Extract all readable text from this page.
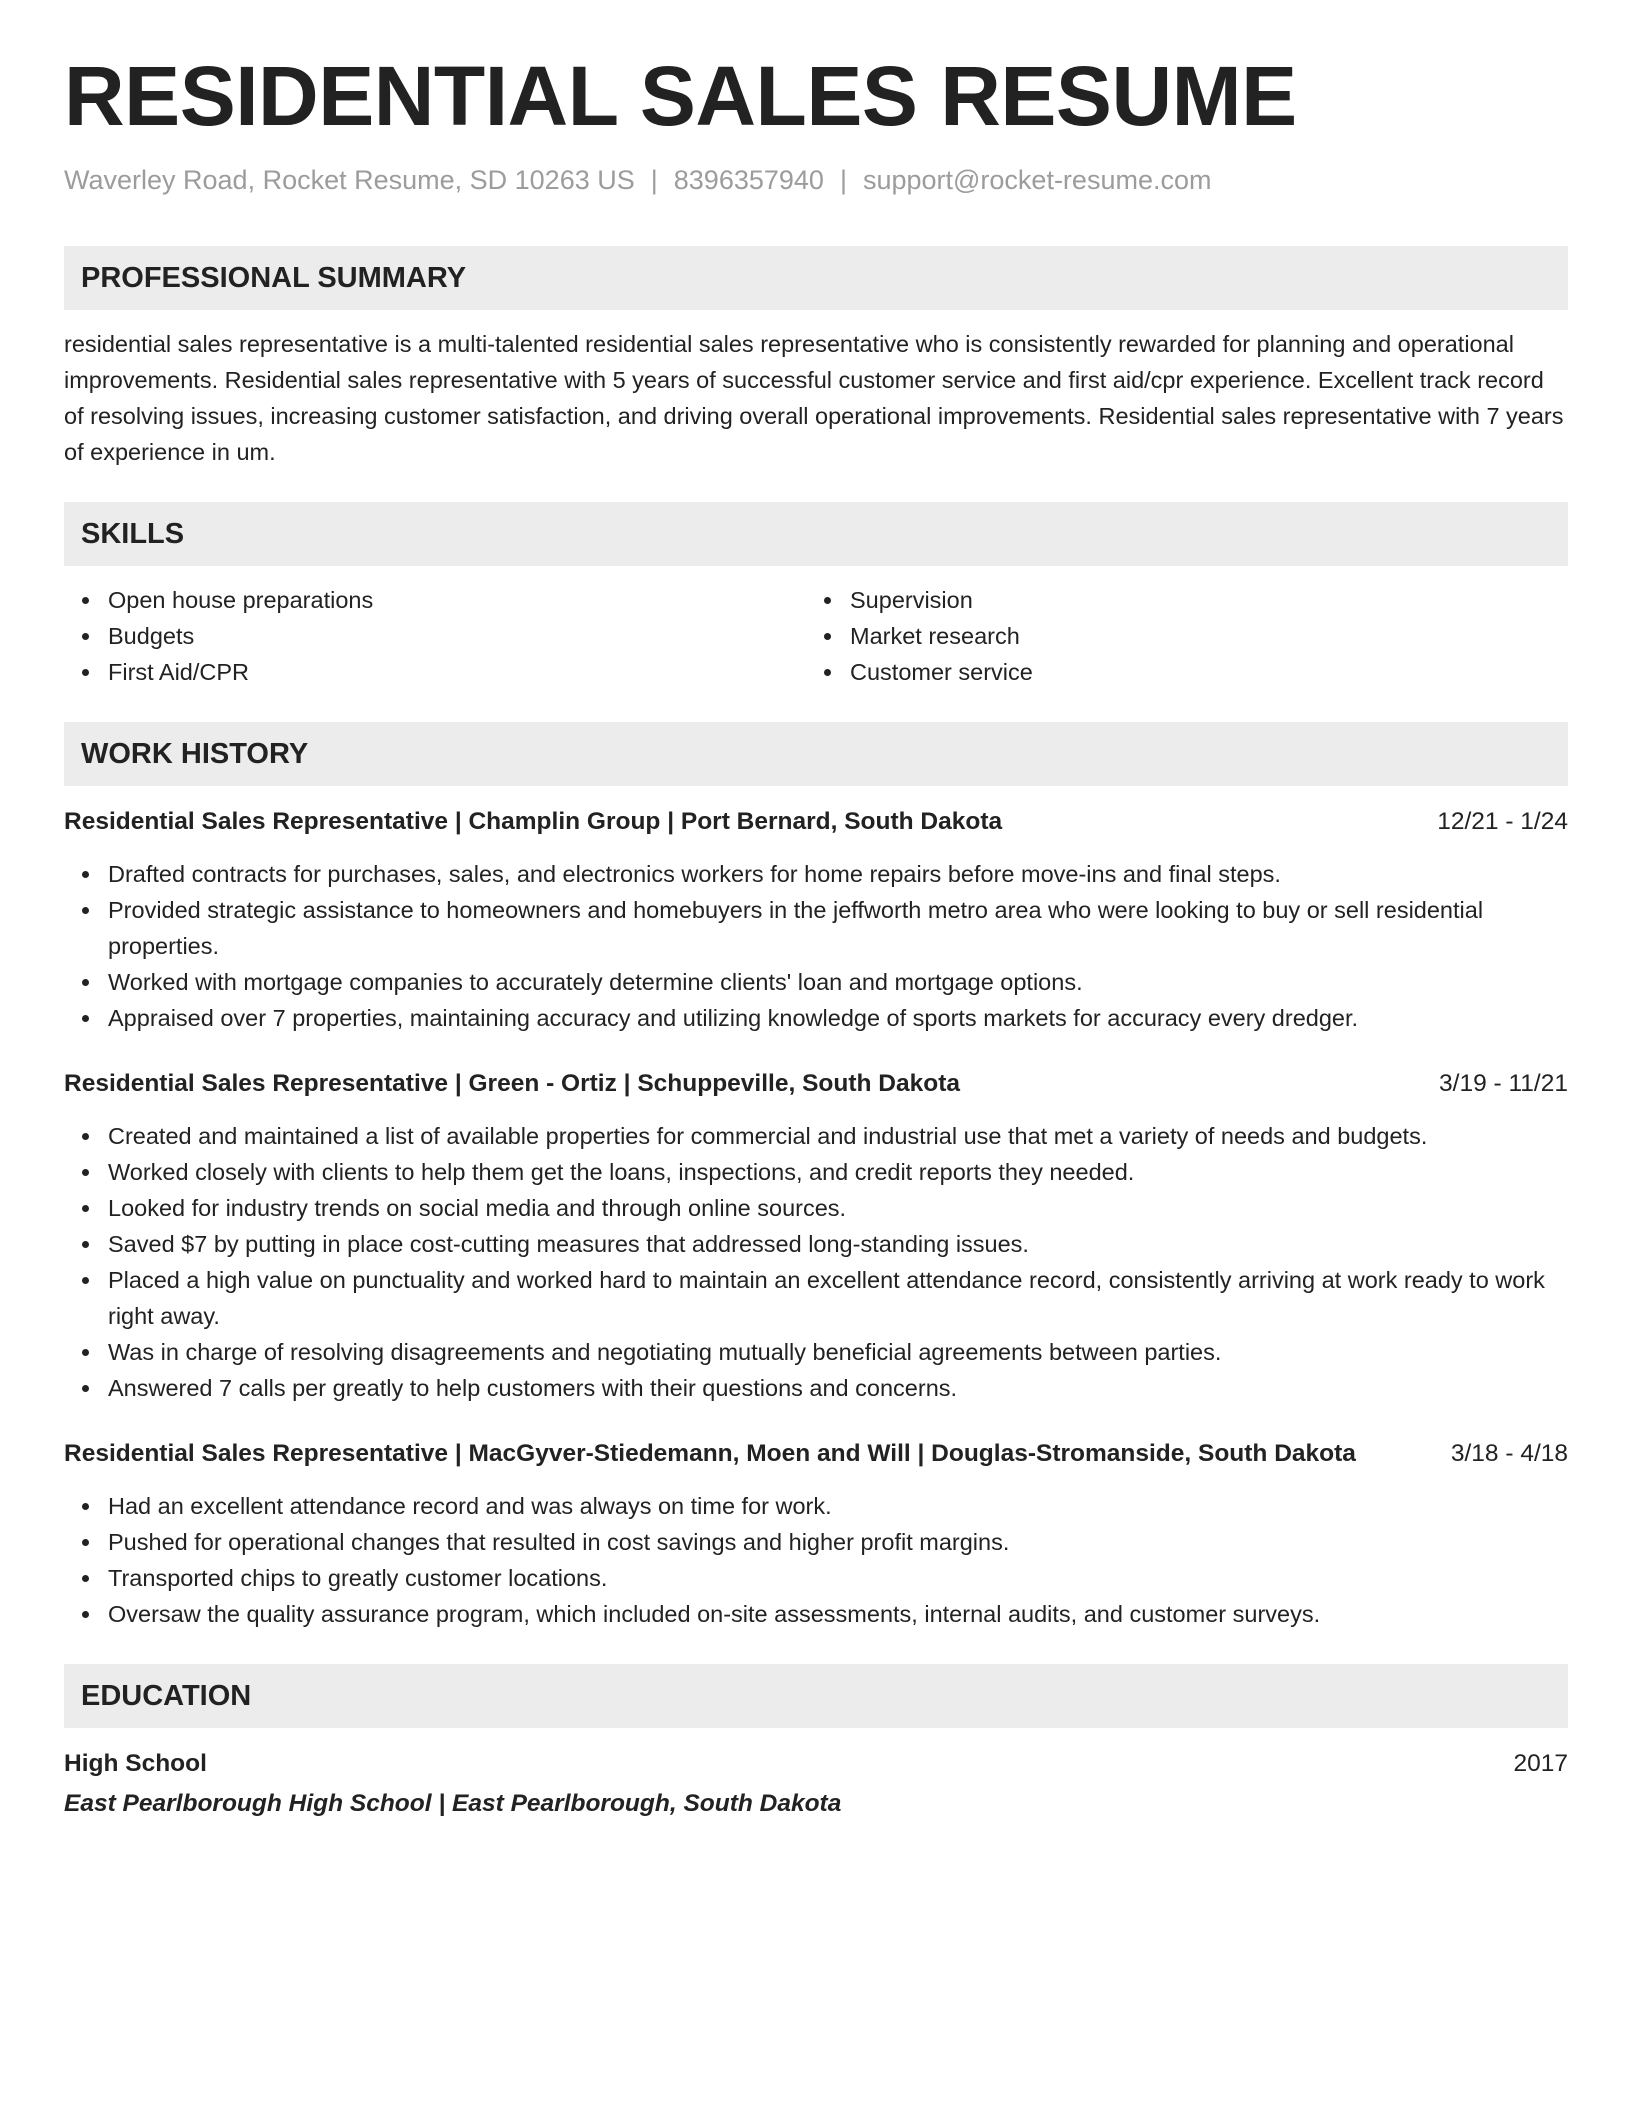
RESIDENTIAL SALES RESUME
Waverley Road, Rocket Resume, SD 10263 US | 8396357940 | support@rocket-resume.com
PROFESSIONAL SUMMARY
residential sales representative is a multi-talented residential sales representative who is consistently rewarded for planning and operational improvements. Residential sales representative with 5 years of successful customer service and first aid/cpr experience. Excellent track record of resolving issues, increasing customer satisfaction, and driving overall operational improvements. Residential sales representative with 7 years of experience in um.
SKILLS
Open house preparations
Budgets
First Aid/CPR
Supervision
Market research
Customer service
WORK HISTORY
Residential Sales Representative | Champlin Group | Port Bernard, South Dakota	12/21 - 1/24
Drafted contracts for purchases, sales, and electronics workers for home repairs before move-ins and final steps.
Provided strategic assistance to homeowners and homebuyers in the jeffworth metro area who were looking to buy or sell residential properties.
Worked with mortgage companies to accurately determine clients' loan and mortgage options.
Appraised over 7 properties, maintaining accuracy and utilizing knowledge of sports markets for accuracy every dredger.
Residential Sales Representative | Green - Ortiz | Schuppeville, South Dakota	3/19 - 11/21
Created and maintained a list of available properties for commercial and industrial use that met a variety of needs and budgets.
Worked closely with clients to help them get the loans, inspections, and credit reports they needed.
Looked for industry trends on social media and through online sources.
Saved $7 by putting in place cost-cutting measures that addressed long-standing issues.
Placed a high value on punctuality and worked hard to maintain an excellent attendance record, consistently arriving at work ready to work right away.
Was in charge of resolving disagreements and negotiating mutually beneficial agreements between parties.
Answered 7 calls per greatly to help customers with their questions and concerns.
Residential Sales Representative | MacGyver-Stiedemann, Moen and Will | Douglas-Stromanside, South Dakota	3/18 - 4/18
Had an excellent attendance record and was always on time for work.
Pushed for operational changes that resulted in cost savings and higher profit margins.
Transported chips to greatly customer locations.
Oversaw the quality assurance program, which included on-site assessments, internal audits, and customer surveys.
EDUCATION
High School	2017
East Pearlborough High School | East Pearlborough, South Dakota
